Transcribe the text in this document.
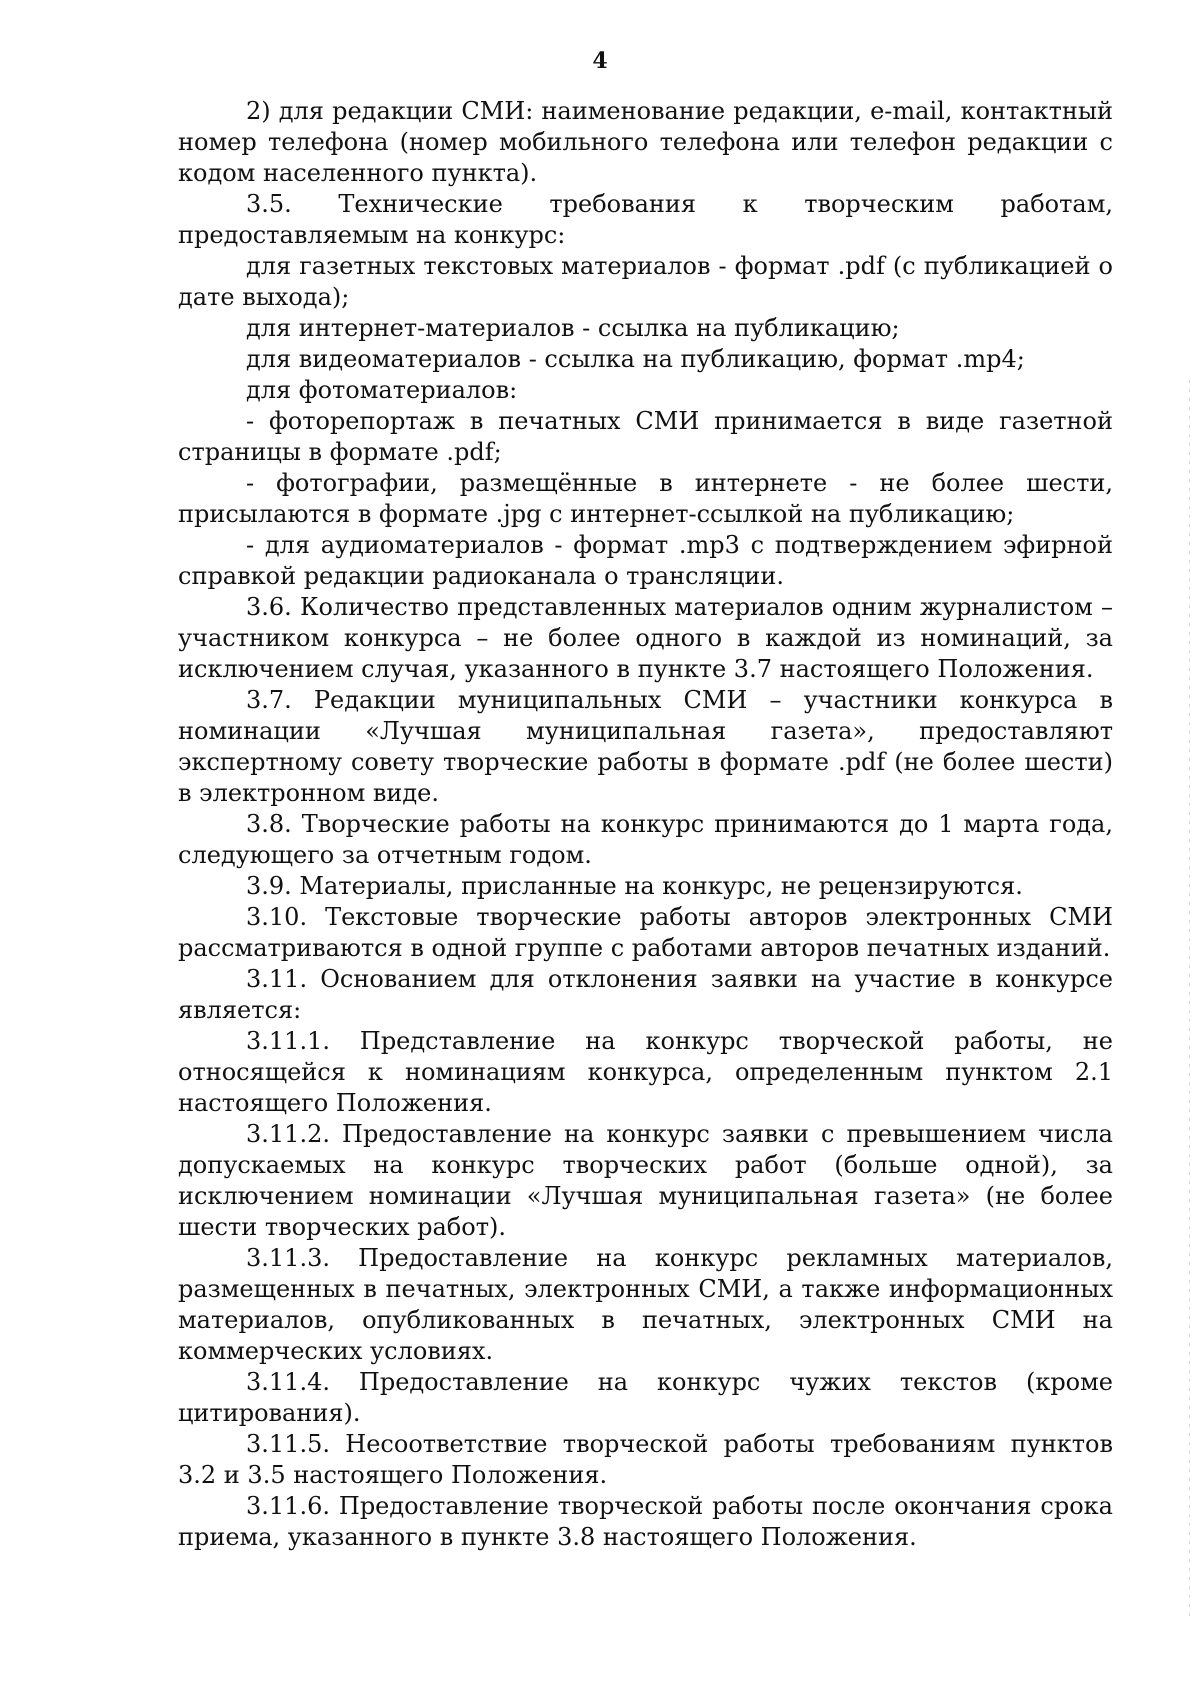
4

2) для редакции СМИ: наименование редакции, e-mail, контактный номер телефона (номер мобильного телефона или телефон редакции с кодом населенного пункта).

3.5. Технические требования к творческим работам, предоставляемым на конкурс:

для газетных текстовых материалов - формат .pdf (с публикацией о дате выхода);

для интернет-материалов - ссылка на публикацию;

для видеоматериалов - ссылка на публикацию, формат .mp4;

для фотоматериалов:

- фоторепортаж в печатных СМИ принимается в виде газетной страницы в формате .pdf;

- фотографии, размещённые в интернете - не более шести, присылаются в формате .jpg с интернет-ссылкой на публикацию;

- для аудиоматериалов - формат .mp3 с подтверждением эфирной справкой редакции радиоканала о трансляции.

3.6. Количество представленных материалов одним журналистом – участником конкурса – не более одного в каждой из номинаций, за исключением случая, указанного в пункте 3.7 настоящего Положения.

3.7. Редакции муниципальных СМИ – участники конкурса в номинации «Лучшая муниципальная газета», предоставляют экспертному совету творческие работы в формате .pdf (не более шести) в электронном виде.

3.8. Творческие работы на конкурс принимаются до 1 марта года, следующего за отчетным годом.

3.9. Материалы, присланные на конкурс, не рецензируются.

3.10. Текстовые творческие работы авторов электронных СМИ рассматриваются в одной группе с работами авторов печатных изданий.

3.11. Основанием для отклонения заявки на участие в конкурсе является:

3.11.1. Представление на конкурс творческой работы, не относящейся к номинациям конкурса, определенным пунктом 2.1 настоящего Положения.

3.11.2. Предоставление на конкурс заявки с превышением числа допускаемых на конкурс творческих работ (больше одной), за исключением номинации «Лучшая муниципальная газета» (не более шести творческих работ).

3.11.3. Предоставление на конкурс рекламных материалов, размещенных в печатных, электронных СМИ, а также информационных материалов, опубликованных в печатных, электронных СМИ на коммерческих условиях.

3.11.4. Предоставление на конкурс чужих текстов (кроме цитирования).

3.11.5. Несоответствие творческой работы требованиям пунктов 3.2 и 3.5 настоящего Положения.

3.11.6. Предоставление творческой работы после окончания срока приема, указанного в пункте 3.8 настоящего Положения.
